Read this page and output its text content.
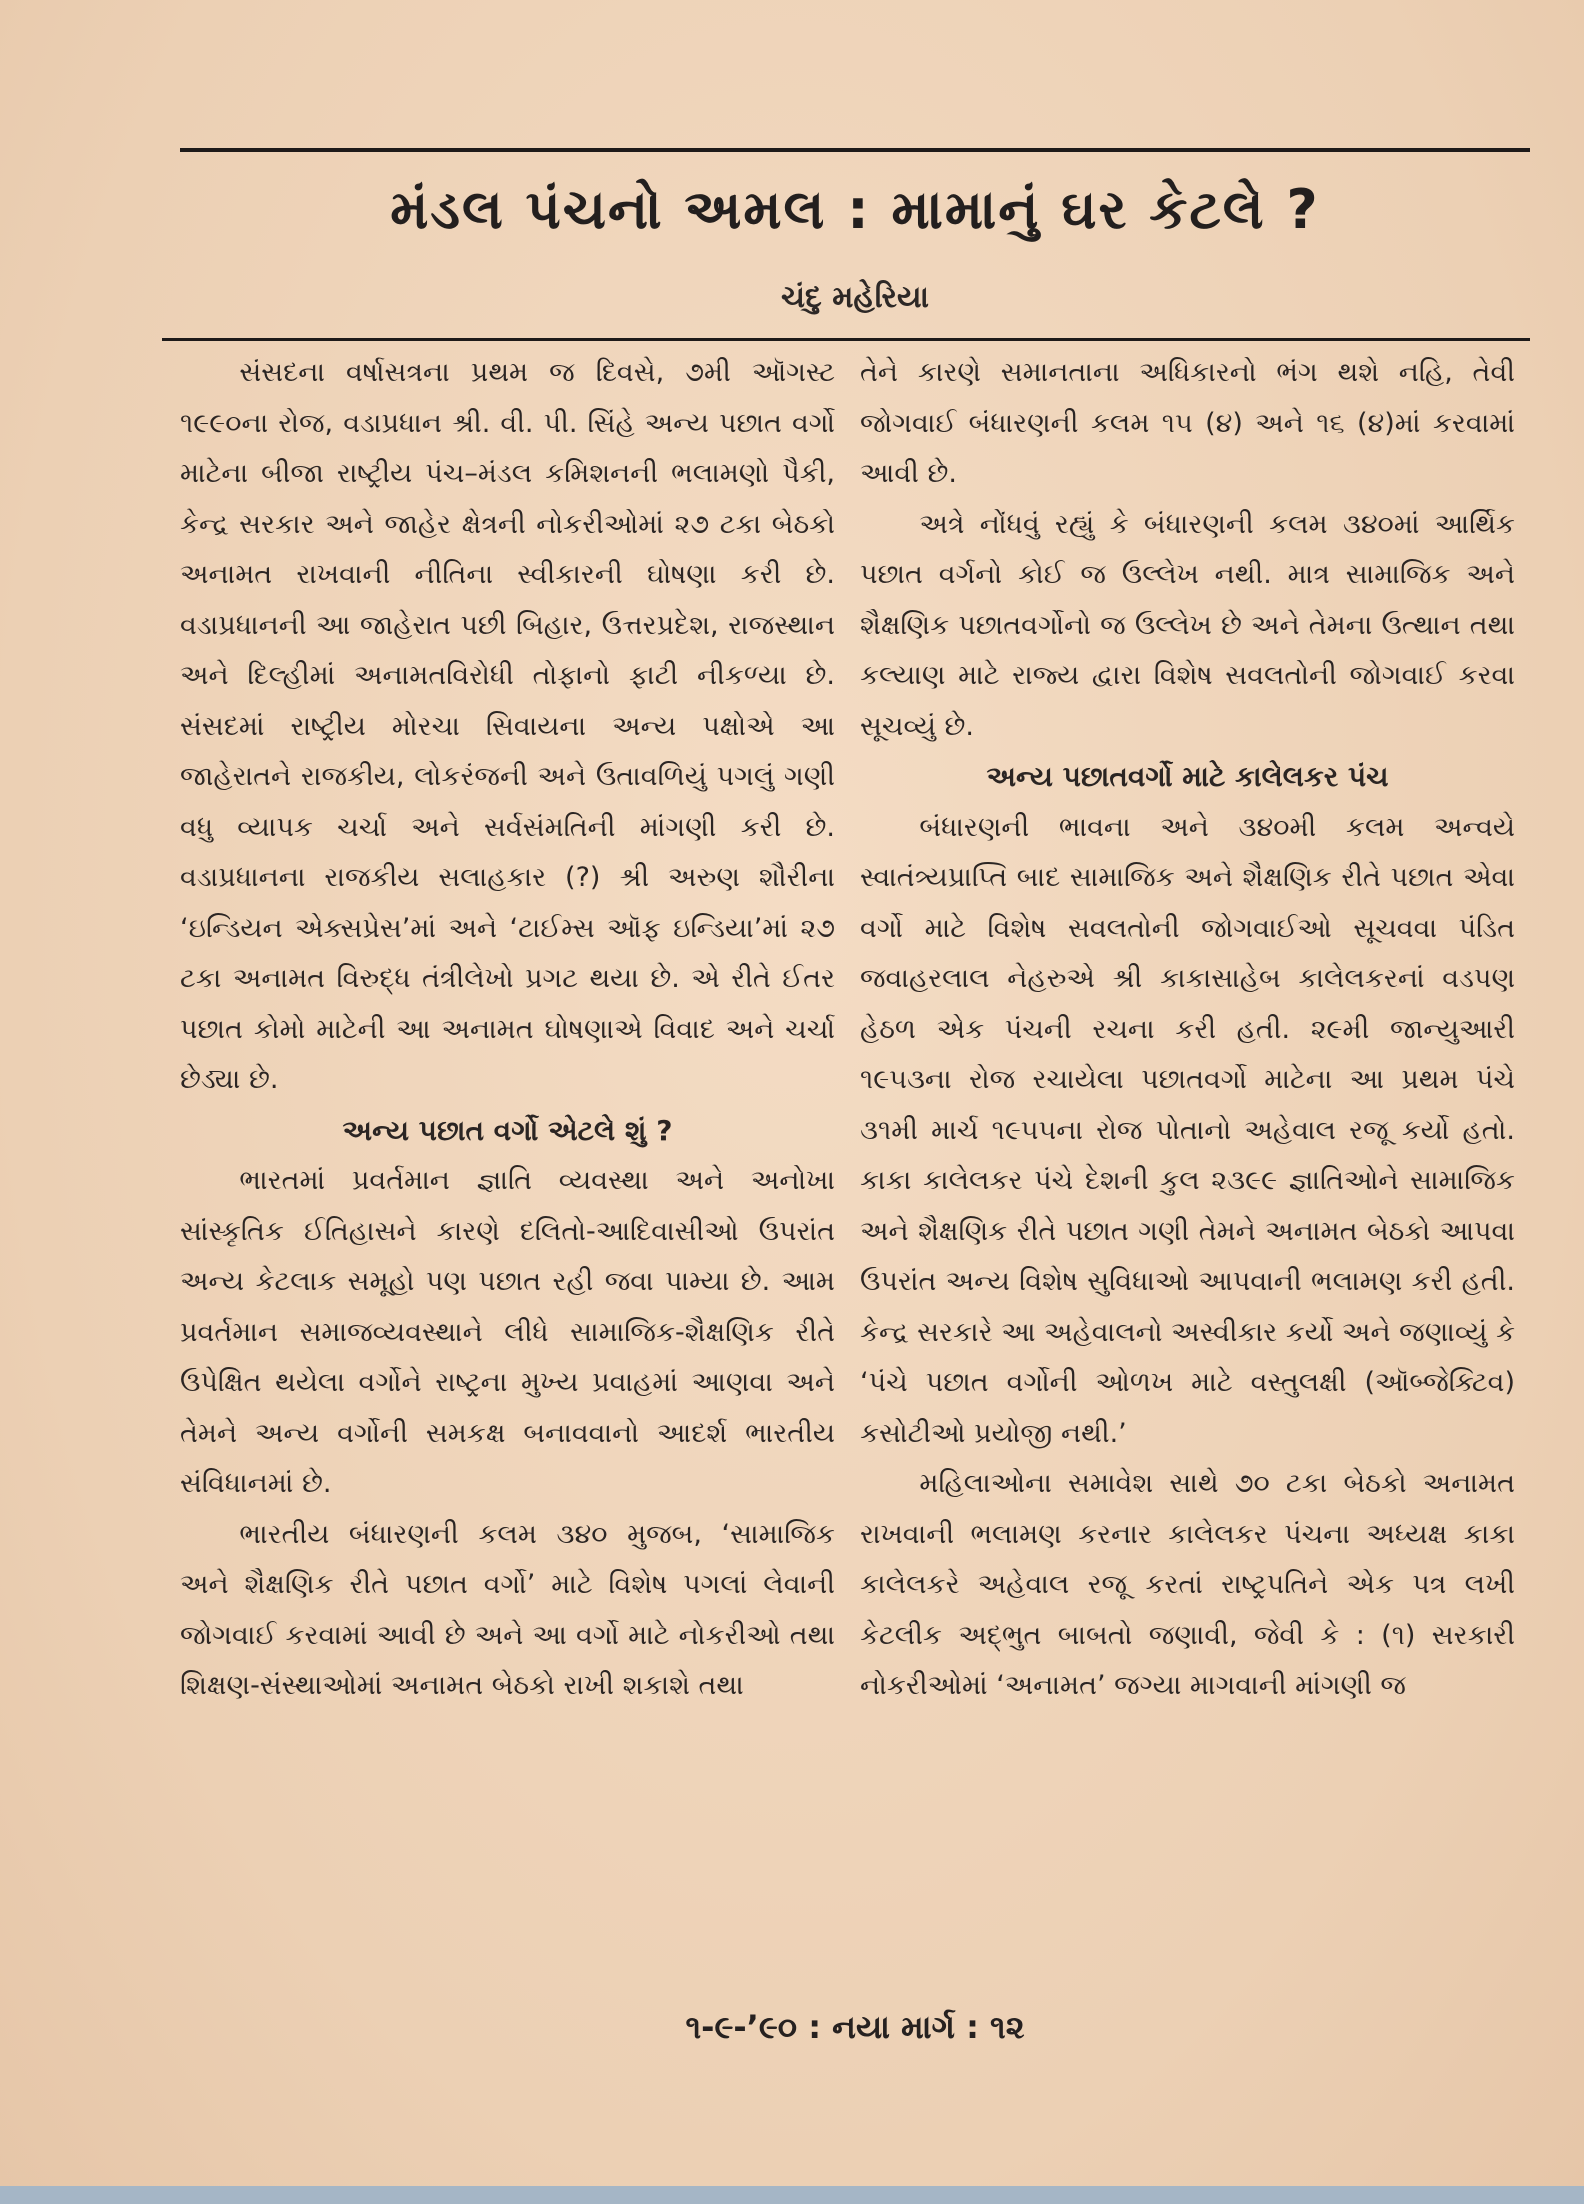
મંડલ પંચનો અમલ : મામાનું ઘર કેટલે ?
ચંદુ મહેરિયા

સંસદના વર્ષાસત્રના પ્રથમ જ દિવસે, ૭મી ઑગસ્ટ ૧૯૯૦ના રોજ, વડાપ્રધાન શ્રી. વી. પી. સિંહે અન્ય પછાત વર્ગો માટેના બીજા રાષ્ટ્રીય પંચ–મંડલ કમિશનની ભલામણો પૈકી, કેન્દ્ર સરકાર અને જાહેર ક્ષેત્રની નોકરીઓમાં ૨૭ ટકા બેઠકો અનામત રાખવાની નીતિના સ્વીકારની ઘોષણા કરી છે. વડાપ્રધાનની આ જાહેરાત પછી બિહાર, ઉત્તરપ્રદેશ, રાજસ્થાન અને દિલ્હીમાં અનામતવિરોધી તોફાનો ફાટી નીકળ્યા છે. સંસદમાં રાષ્ટ્રીય મોરચા સિવાયના અન્ય પક્ષોએ આ જાહેરાતને રાજકીય, લોકરંજની અને ઉતાવળિયું પગલું ગણી વધુ વ્યાપક ચર્ચા અને સર્વસંમતિની માંગણી કરી છે. વડાપ્રધાનના રાજકીય સલાહકાર (?) શ્રી અરુણ શૌરીના ‘ઇન્ડિયન એક્સપ્રેસ’માં અને ‘ટાઈમ્સ ઑફ ઇન્ડિયા’માં ૨૭ ટકા અનામત વિરુદ્ધ તંત્રીલેખો પ્રગટ થયા છે. એ રીતે ઈતર પછાત કોમો માટેની આ અનામત ઘોષણાએ વિવાદ અને ચર્ચા છેડ્યા છે.

અન્ય પછાત વર્ગો એટલે શું ?

ભારતમાં પ્રવર્તમાન જ્ઞાતિ વ્યવસ્થા અને અનોખા સાંસ્કૃતિક ઈતિહાસને કારણે દલિતો-આદિવાસીઓ ઉપરાંત અન્ય કેટલાક સમૂહો પણ પછાત રહી જવા પામ્યા છે. આમ પ્રવર્તમાન સમાજવ્યવસ્થાને લીધે સામાજિક-શૈક્ષણિક રીતે ઉપેક્ષિત થયેલા વર્ગોને રાષ્ટ્રના મુખ્ય પ્રવાહમાં આણવા અને તેમને અન્ય વર્ગોની સમકક્ષ બનાવવાનો આદર્શ ભારતીય સંવિધાનમાં છે.

ભારતીય બંધારણની કલમ ૩૪૦ મુજબ, ‘સામાજિક અને શૈક્ષણિક રીતે પછાત વર્ગો’ માટે વિશેષ પગલાં લેવાની જોગવાઈ કરવામાં આવી છે અને આ વર્ગો માટે નોકરીઓ તથા શિક્ષણ-સંસ્થાઓમાં અનામત બેઠકો રાખી શકાશે તથા

તેને કારણે સમાનતાના અધિકારનો ભંગ થશે નહિ, તેવી જોગવાઈ બંધારણની કલમ ૧૫ (૪) અને ૧૬ (૪)માં કરવામાં આવી છે.

અત્રે નોંધવું રહ્યું કે બંધારણની કલમ ૩૪૦માં આર્થિક પછાત વર્ગનો કોઈ જ ઉલ્લેખ નથી. માત્ર સામાજિક અને શૈક્ષણિક પછાતવર્ગોનો જ ઉલ્લેખ છે અને તેમના ઉત્થાન તથા કલ્યાણ માટે રાજ્ય દ્વારા વિશેષ સવલતોની જોગવાઈ કરવા સૂચવ્યું છે.

અન્ય પછાતવર્ગો માટે કાલેલકર પંચ

બંધારણની ભાવના અને ૩૪૦મી કલમ અન્વયે સ્વાતંત્ર્યપ્રાપ્તિ બાદ સામાજિક અને શૈક્ષણિક રીતે પછાત એવા વર્ગો માટે વિશેષ સવલતોની જોગવાઈઓ સૂચવવા પંડિત જવાહરલાલ નેહરુએ શ્રી કાકાસાહેબ કાલેલકરનાં વડપણ હેઠળ એક પંચની રચના કરી હતી. ૨૯મી જાન્યુઆરી ૧૯૫૩ના રોજ રચાયેલા પછાતવર્ગો માટેના આ પ્રથમ પંચે ૩૧મી માર્ચ ૧૯૫૫ના રોજ પોતાનો અહેવાલ રજૂ કર્યો હતો. કાકા કાલેલકર પંચે દેશની કુલ ૨૩૯૯ જ્ઞાતિઓને સામાજિક અને શૈક્ષણિક રીતે પછાત ગણી તેમને અનામત બેઠકો આપવા ઉપરાંત અન્ય વિશેષ સુવિધાઓ આપવાની ભલામણ કરી હતી. કેન્દ્ર સરકારે આ અહેવાલનો અસ્વીકાર કર્યો અને જણાવ્યું કે ‘પંચે પછાત વર્ગોની ઓળખ માટે વસ્તુલક્ષી (ઑબ્જેક્ટિવ) કસોટીઓ પ્રયોજી નથી.’

મહિલાઓના સમાવેશ સાથે ૭૦ ટકા બેઠકો અનામત રાખવાની ભલામણ કરનાર કાલેલકર પંચના અધ્યક્ષ કાકા કાલેલકરે અહેવાલ રજૂ કરતાં રાષ્ટ્રપતિને એક પત્ર લખી કેટલીક અદ્ભુત બાબતો જણાવી, જેવી કે : (૧) સરકારી નોકરીઓમાં ‘અનામત’ જગ્યા માગવાની માંગણી જ

૧-૯-’૯૦ : નયા માર્ગ : ૧૨
